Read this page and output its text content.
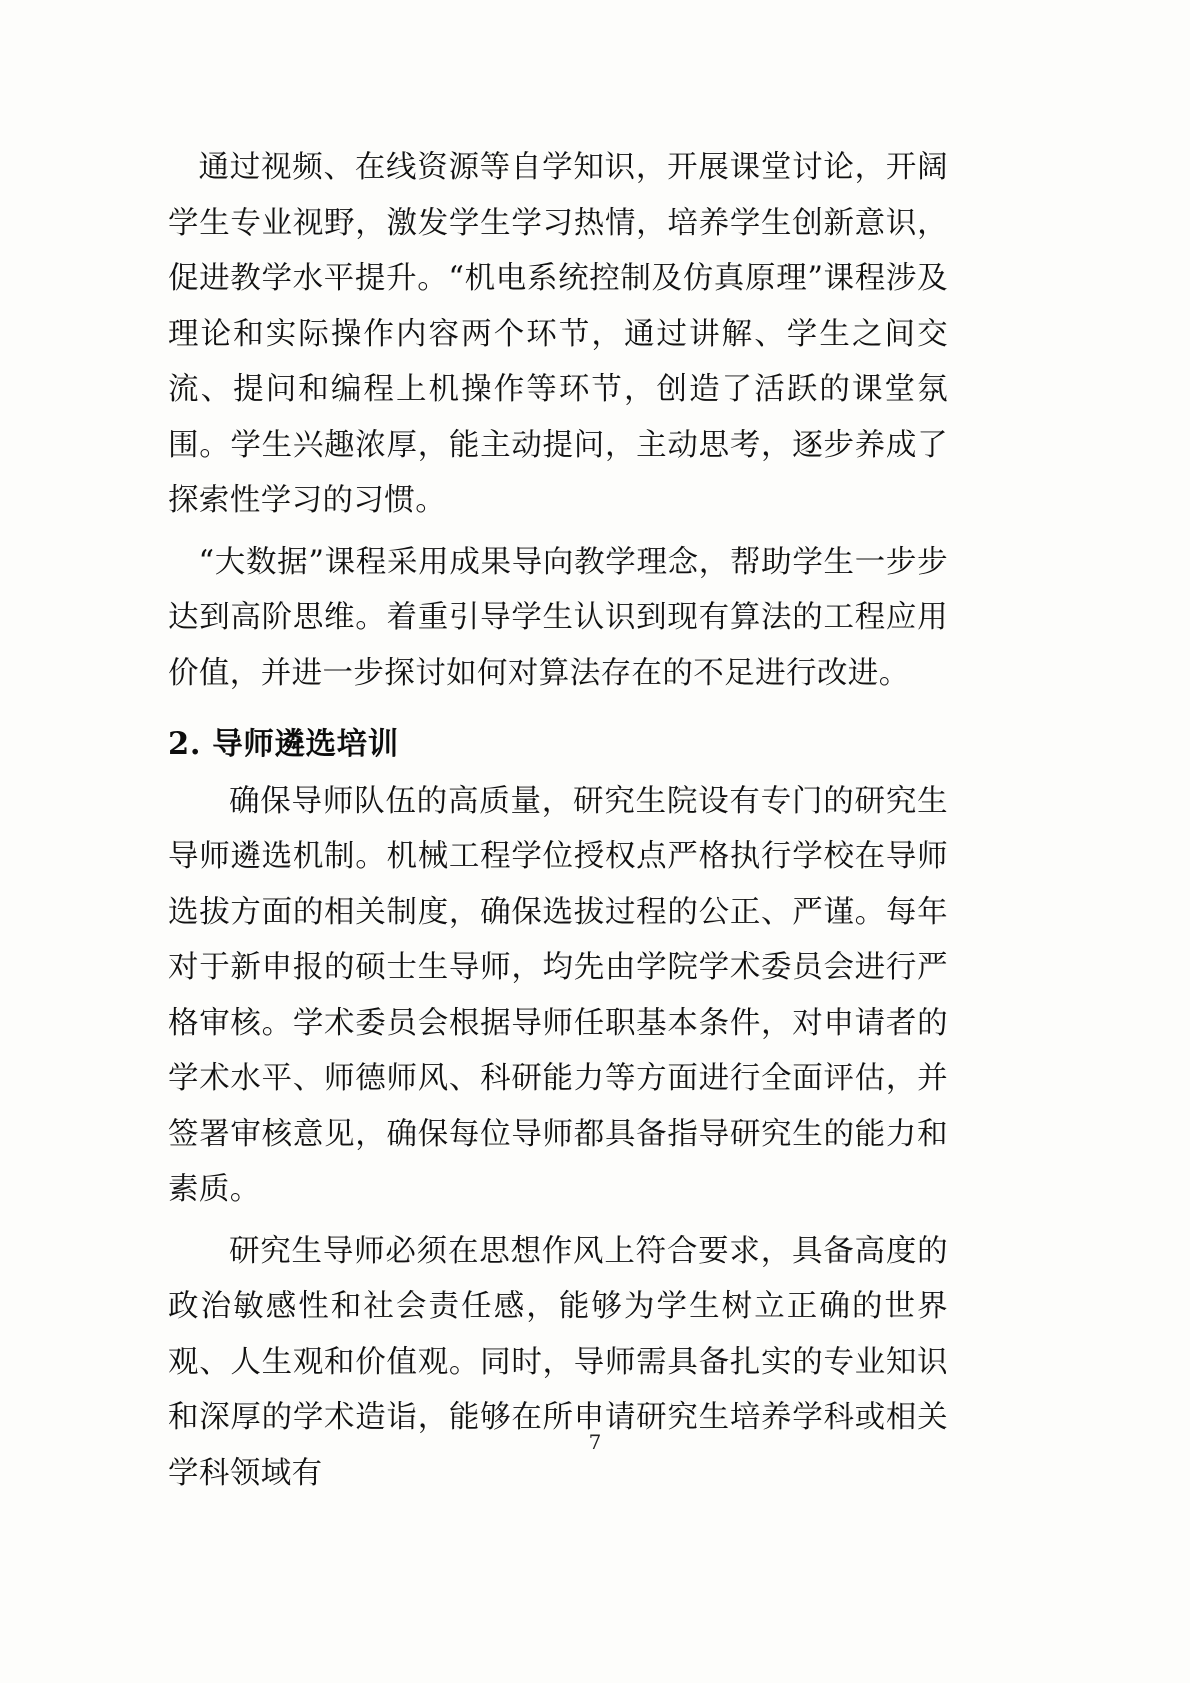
通过视频、在线资源等自学知识，开展课堂讨论，开阔学生专业视野，激发学生学习热情，培养学生创新意识，促进教学水平提升。“机电系统控制及仿真原理”课程涉及理论和实际操作内容两个环节，通过讲解、学生之间交流、提问和编程上机操作等环节，创造了活跃的课堂氛围。学生兴趣浓厚，能主动提问，主动思考，逐步养成了探索性学习的习惯。

“大数据”课程采用成果导向教学理念，帮助学生一步步达到高阶思维。着重引导学生认识到现有算法的工程应用价值，并进一步探讨如何对算法存在的不足进行改进。

2. 导师遴选培训

确保导师队伍的高质量，研究生院设有专门的研究生导师遴选机制。机械工程学位授权点严格执行学校在导师选拔方面的相关制度，确保选拔过程的公正、严谨。每年对于新申报的硕士生导师，均先由学院学术委员会进行严格审核。学术委员会根据导师任职基本条件，对申请者的学术水平、师德师风、科研能力等方面进行全面评估，并签署审核意见，确保每位导师都具备指导研究生的能力和素质。

研究生导师必须在思想作风上符合要求，具备高度的政治敏感性和社会责任感，能够为学生树立正确的世界观、人生观和价值观。同时，导师需具备扎实的专业知识和深厚的学术造诣，能够在所申请研究生培养学科或相关学科领域有

7
